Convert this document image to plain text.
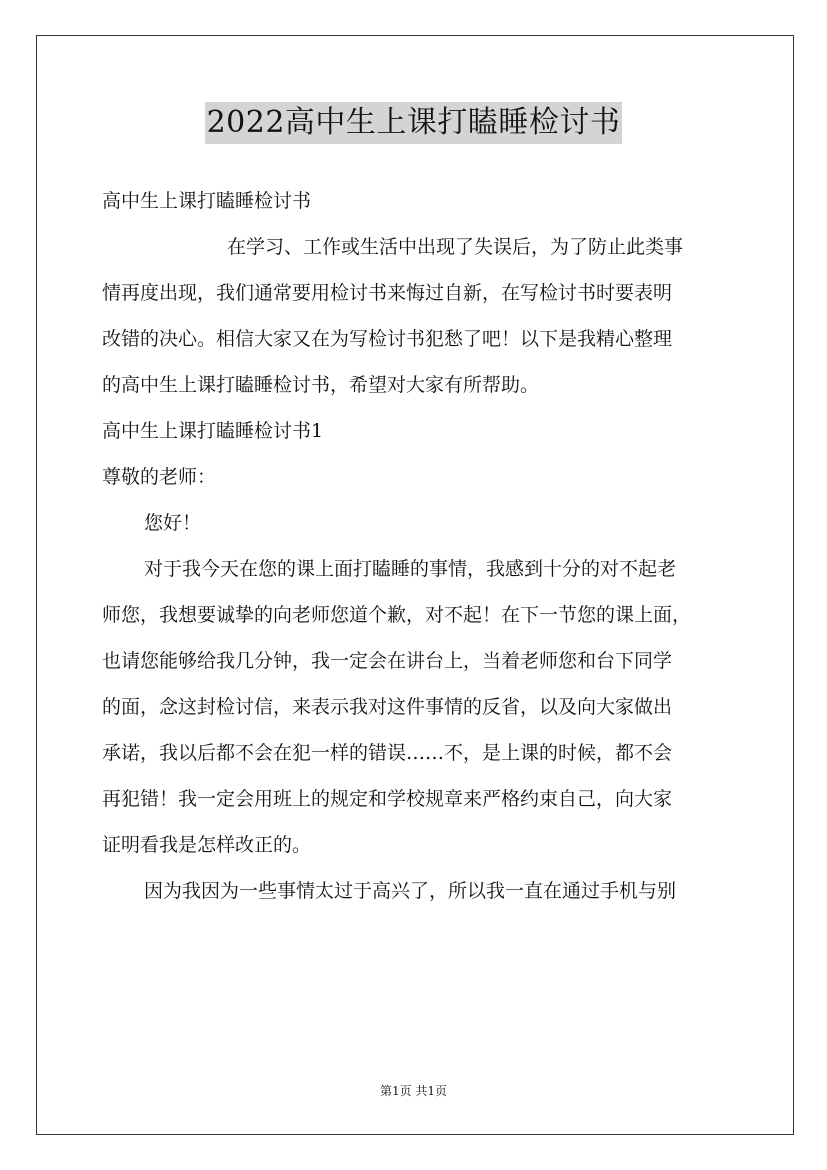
2022高中生上课打瞌睡检讨书

高中生上课打瞌睡检讨书

在学习、工作或生活中出现了失误后，为了防止此类事

情再度出现，我们通常要用检讨书来悔过自新，在写检讨书时要表明

改错的决心。相信大家又在为写检讨书犯愁了吧！以下是我精心整理

的高中生上课打瞌睡检讨书，希望对大家有所帮助。

高中生上课打瞌睡检讨书1

尊敬的老师：

您好！

对于我今天在您的课上面打瞌睡的事情，我感到十分的对不起老

师您，我想要诚挚的向老师您道个歉，对不起！在下一节您的课上面，

也请您能够给我几分钟，我一定会在讲台上，当着老师您和台下同学

的面，念这封检讨信，来表示我对这件事情的反省，以及向大家做出

承诺，我以后都不会在犯一样的错误……不，是上课的时候，都不会

再犯错！我一定会用班上的规定和学校规章来严格约束自己，向大家

证明看我是怎样改正的。

因为我因为一些事情太过于高兴了，所以我一直在通过手机与别

第1页 共1页
